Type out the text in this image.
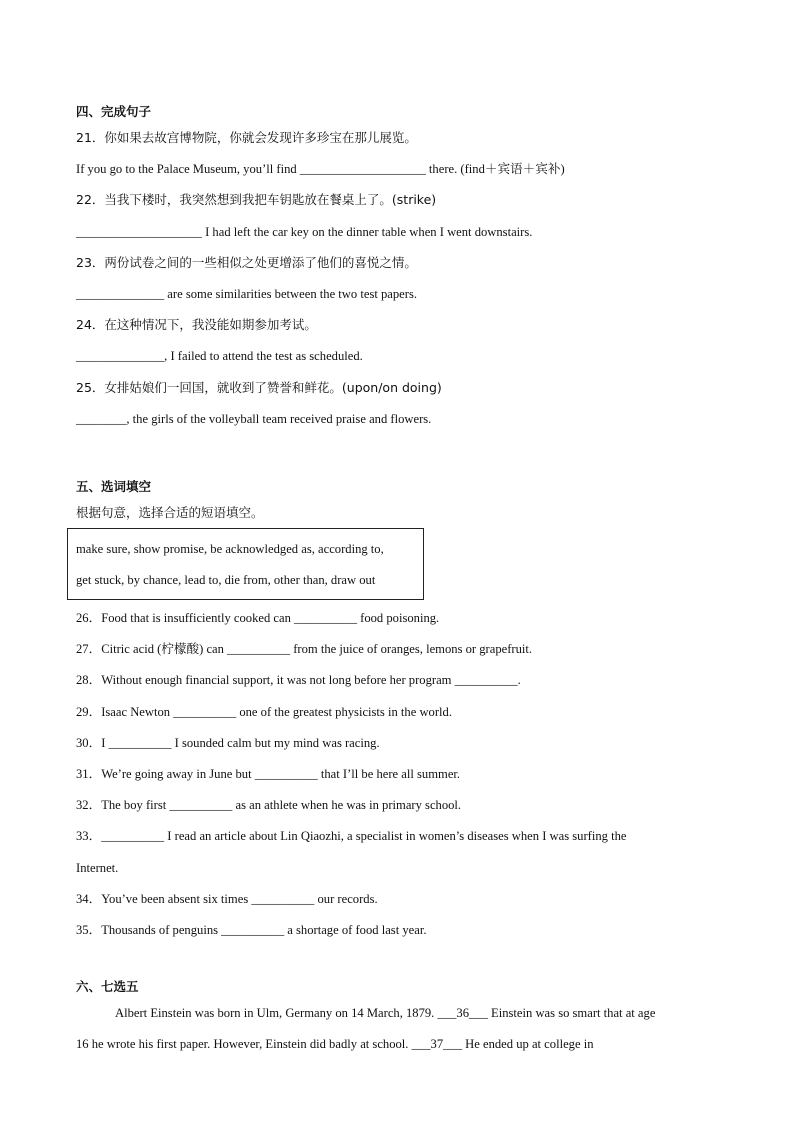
四、完成句子
21．你如果去故宫博物院，你就会发现许多珍宝在那儿展览。
If you go to the Palace Museum, you’ll find ____________________ there. (find＋宾语＋宾补)
22．当我下楼时，我突然想到我把车钥匙放在餐桌上了。(strike)
____________________ I had left the car key on the dinner table when I went downstairs.
23．两份试卷之间的一些相似之处更增添了他们的喜悦之情。
______________ are some similarities between the two test papers.
24．在这种情况下，我没能如期参加考试。
______________, I failed to attend the test as scheduled.
25．女排姑娘们一回国，就收到了赞誉和鲜花。(upon/on doing)
________, the girls of the volleyball team received praise and flowers.
五、选词填空
根据句意，选择合适的短语填空。
make sure, show promise, be acknowledged as, according to,
get stuck, by chance, lead to, die from, other than, draw out
26．Food that is insufficiently cooked can __________ food poisoning.
27．Citric acid (柠檬酸) can __________ from the juice of oranges, lemons or grapefruit.
28．Without enough financial support, it was not long before her program __________.
29．Isaac Newton __________ one of the greatest physicists in the world.
30．I __________ I sounded calm but my mind was racing.
31．We’re going away in June but __________ that I’ll be here all summer.
32．The boy first __________ as an athlete when he was in primary school.
33．__________ I read an article about Lin Qiaozhi, a specialist in women’s diseases when I was surfing the
Internet.
34．You’ve been absent six times __________ our records.
35．Thousands of penguins __________ a shortage of food last year.
六、七选五
Albert Einstein was born in Ulm, Germany on 14 March, 1879. ___36___ Einstein was so smart that at age
16 he wrote his first paper. However, Einstein did badly at school. ___37___ He ended up at college in
